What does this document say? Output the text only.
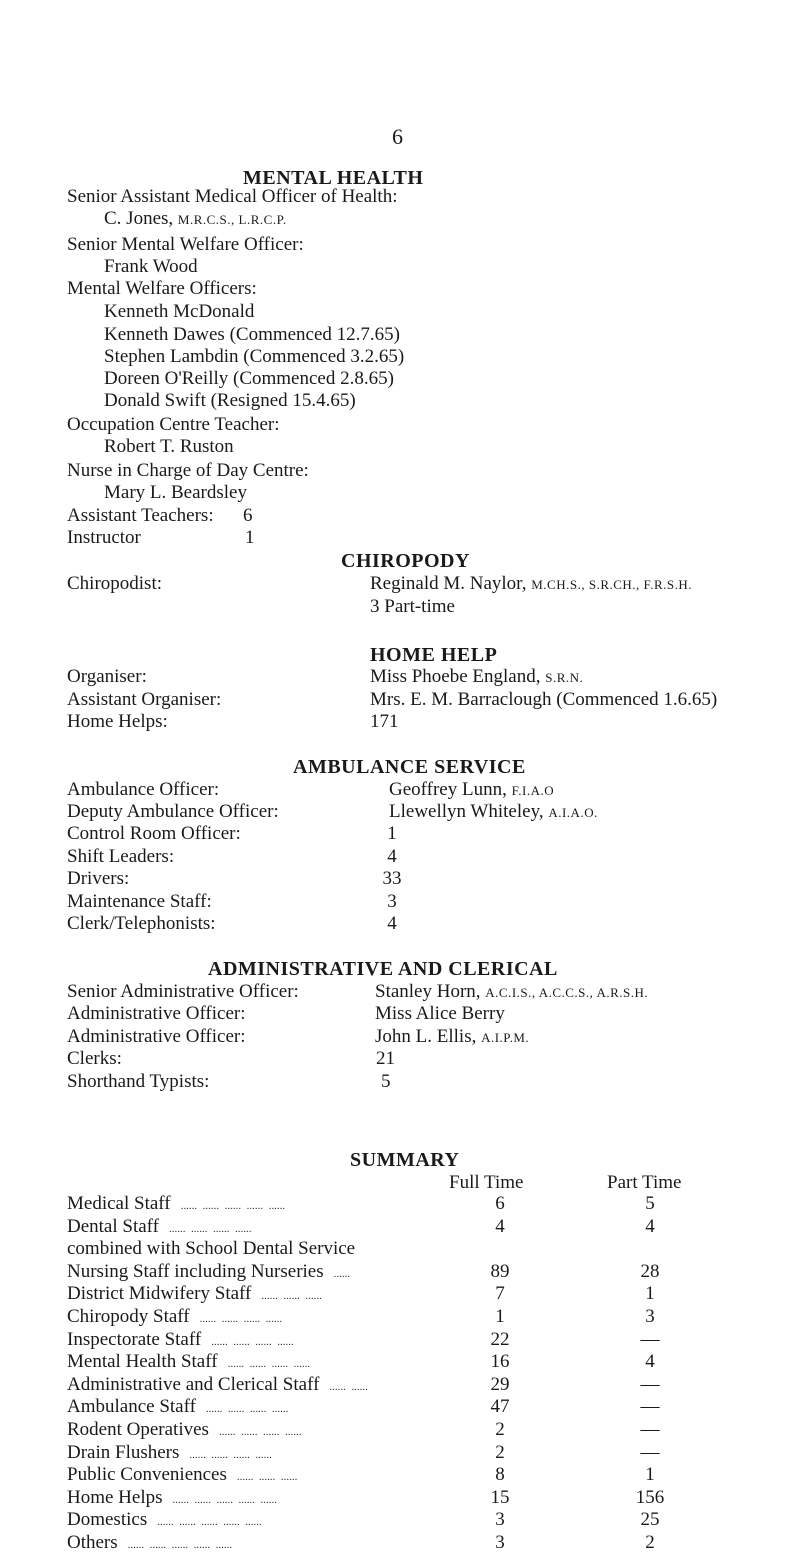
6
MENTAL HEALTH
Senior Assistant Medical Officer of Health:
C. Jones, M.R.C.S., L.R.C.P.
Senior Mental Welfare Officer:
Frank Wood
Mental Welfare Officers:
Kenneth McDonald
Kenneth Dawes (Commenced 12.7.65)
Stephen Lambdin (Commenced 3.2.65)
Doreen O'Reilly (Commenced 2.8.65)
Donald Swift (Resigned 15.4.65)
Occupation Centre Teacher:
Robert T. Ruston
Nurse in Charge of Day Centre:
Mary L. Beardsley
Assistant Teachers: 6
Instructor	1
CHIROPODY
Chiropodist:	Reginald M. Naylor, M.CH.S., S.R.CH., F.R.S.H.
3 Part-time
HOME HELP
Organiser:	Miss Phoebe England, S.R.N.
Assistant Organiser:	Mrs. E. M. Barraclough (Commenced 1.6.65)
Home Helps:	171
AMBULANCE SERVICE
Ambulance Officer:	Geoffrey Lunn, F.I.A.O
Deputy Ambulance Officer:	Llewellyn Whiteley, A.I.A.O.
Control Room Officer:	1
Shift Leaders:	4
Drivers:	33
Maintenance Staff:	3
Clerk/Telephonists:	4
ADMINISTRATIVE AND CLERICAL
Senior Administrative Officer:	Stanley Horn, A.C.I.S., A.C.C.S., A.R.S.H.
Administrative Officer:	Miss Alice Berry
Administrative Officer:	John L. Ellis, A.I.P.M.
Clerks:	21
Shorthand Typists:	5
SUMMARY
Full Time	Part Time
Medical Staff ......  ......  ......  ......  ......	6	5
Dental Staff ......  ......  ......  ......	4	4
combined with School Dental Service
Nursing Staff including Nurseries ......	89	28
District Midwifery Staff ......  ......  ......	7	1
Chiropody Staff ......  ......  ......  ......	1	3
Inspectorate Staff ......  ......  ......  ......	22	—
Mental Health Staff ......  ......  ......  ......	16	4
Administrative and Clerical Staff ......  ......	29	—
Ambulance Staff ......  ......  ......  ......	47	—
Rodent Operatives ......  ......  ......  ......	2	—
Drain Flushers ......  ......  ......  ......	2	—
Public Conveniences ......  ......  ......	8	1
Home Helps ......  ......  ......  ......  ......	15	156
Domestics ......  ......  ......  ......  ......	3	25
Others ......  ......  ......  ......  ......	3	2
